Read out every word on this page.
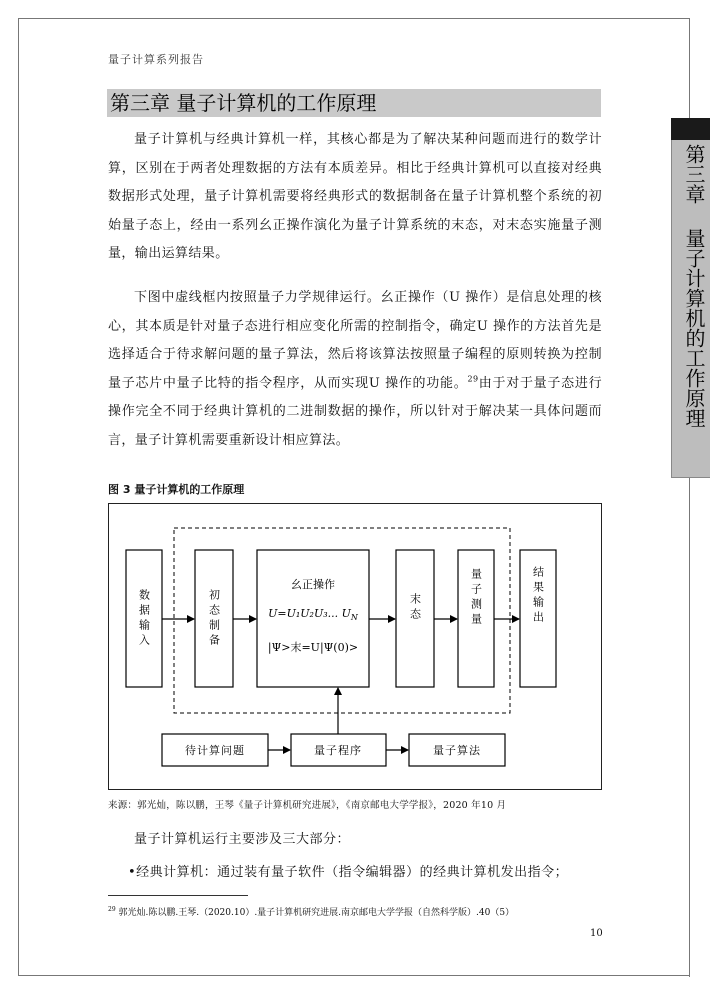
量子计算系列报告
第三章 量子计算机的工作原理
第三章 量子计算机的工作原理

量子计算机与经典计算机一样，其核心都是为了解决某种问题而进行的数学计算，区别在于两者处理数据的方法有本质差异。相比于经典计算机可以直接对经典数据形式处理，量子计算机需要将经典形式的数据制备在量子计算机整个系统的初始量子态上，经由一系列幺正操作演化为量子计算系统的末态，对末态实施量子测量，输出运算结果。

下图中虚线框内按照量子力学规律运行。幺正操作（U 操作）是信息处理的核心，其本质是针对量子态进行相应变化所需的控制指令，确定U 操作的方法首先是选择适合于待求解问题的量子算法，然后将该算法按照量子编程的原则转换为控制量子芯片中量子比特的指令程序，从而实现U 操作的功能。$^{29}$由于对于量子态进行操作完全不同于经典计算机的二进制数据的操作，所以针对于解决某一具体问题而言，量子计算机需要重新设计相应算法。

图 3 量子计算机的工作原理
数据输入	初态制备
幺正操作
U=U₁U₂U₃... $U_N$
|Ψ>末=U|Ψ(0)>
末态	量子测量	结果输出
待计算问题	量子程序	量子算法
来源：郭光灿，陈以鹏，王琴《量子计算机研究进展》，《南京邮电大学学报》，2020 年10 月
量子计算机运行主要涉及三大部分：
•经典计算机：通过装有量子软件（指令编辑器）的经典计算机发出指令；
$^{29}$ 郭光灿.陈以鹏.王琴.（2020.10）.量子计算机研究进展.南京邮电大学学报（自然科学版）.40（5）
10
